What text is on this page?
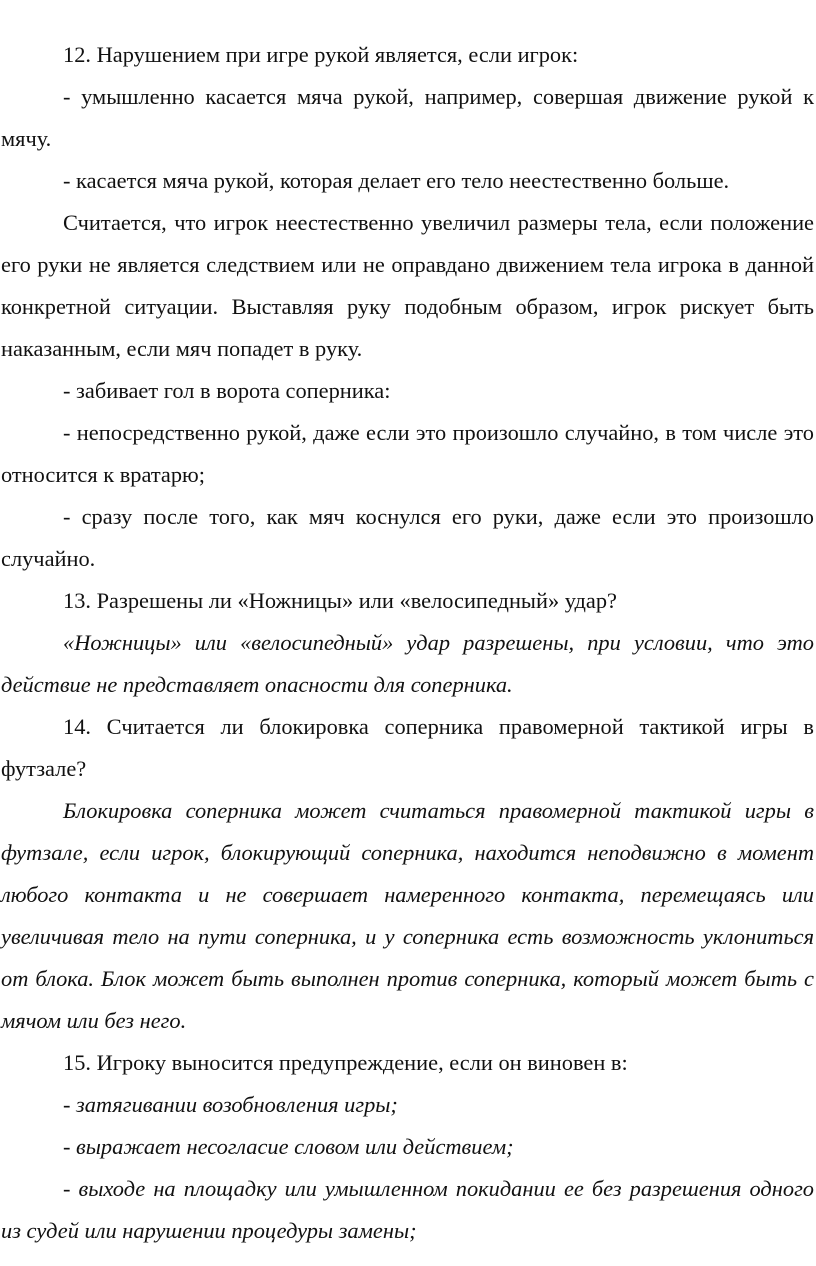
12. Нарушением при игре рукой является, если игрок:

- умышленно касается мяча рукой, например, совершая движение рукой к мячу.

- касается мяча рукой, которая делает его тело неестественно больше.

Считается, что игрок неестественно увеличил размеры тела, если положение его руки не является следствием или не оправдано движением тела игрока в данной конкретной ситуации. Выставляя руку подобным образом, игрок рискует быть наказанным, если мяч попадет в руку.

- забивает гол в ворота соперника:

- непосредственно рукой, даже если это произошло случайно, в том числе это относится к вратарю;

- сразу после того, как мяч коснулся его руки, даже если это произошло случайно.

13. Разрешены ли «Ножницы» или «велосипедный» удар?

«Ножницы» или «велосипедный» удар разрешены, при условии, что это действие не представляет опасности для соперника.

14. Считается ли блокировка соперника правомерной тактикой игры в футзале?

Блокировка соперника может считаться правомерной тактикой игры в футзале, если игрок, блокирующий соперника, находится неподвижно в момент любого контакта и не совершает намеренного контакта, перемещаясь или увеличивая тело на пути соперника, и у соперника есть возможность уклониться от блока. Блок может быть выполнен против соперника, который может быть с мячом или без него.

15. Игроку выносится предупреждение, если он виновен в:

- затягивании возобновления игры;

- выражает несогласие словом или действием;

- выходе на площадку или умышленном покидании ее без разрешения одного из судей или нарушении процедуры замены;
